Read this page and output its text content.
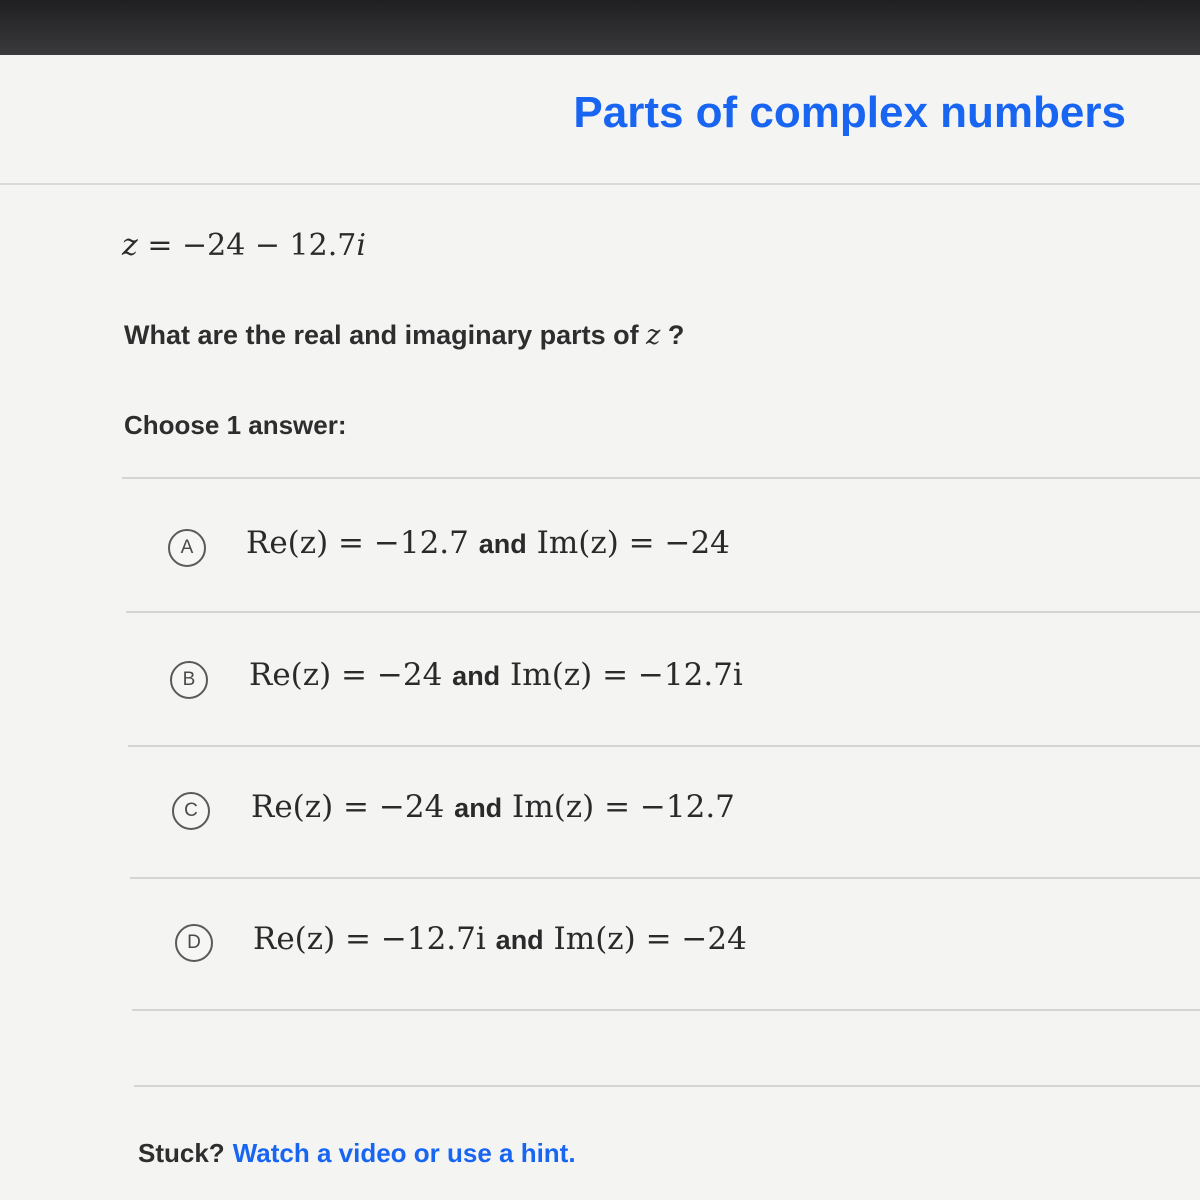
Parts of complex numbers
z = −24 − 12.7i
What are the real and imaginary parts of z ?
Choose 1 answer:
A	Re(z) = −12.7 and Im(z) = −24
B	Re(z) = −24 and Im(z) = −12.7i
C	Re(z) = −24 and Im(z) = −12.7
D	Re(z) = −12.7i and Im(z) = −24
Stuck? Watch a video or use a hint.
